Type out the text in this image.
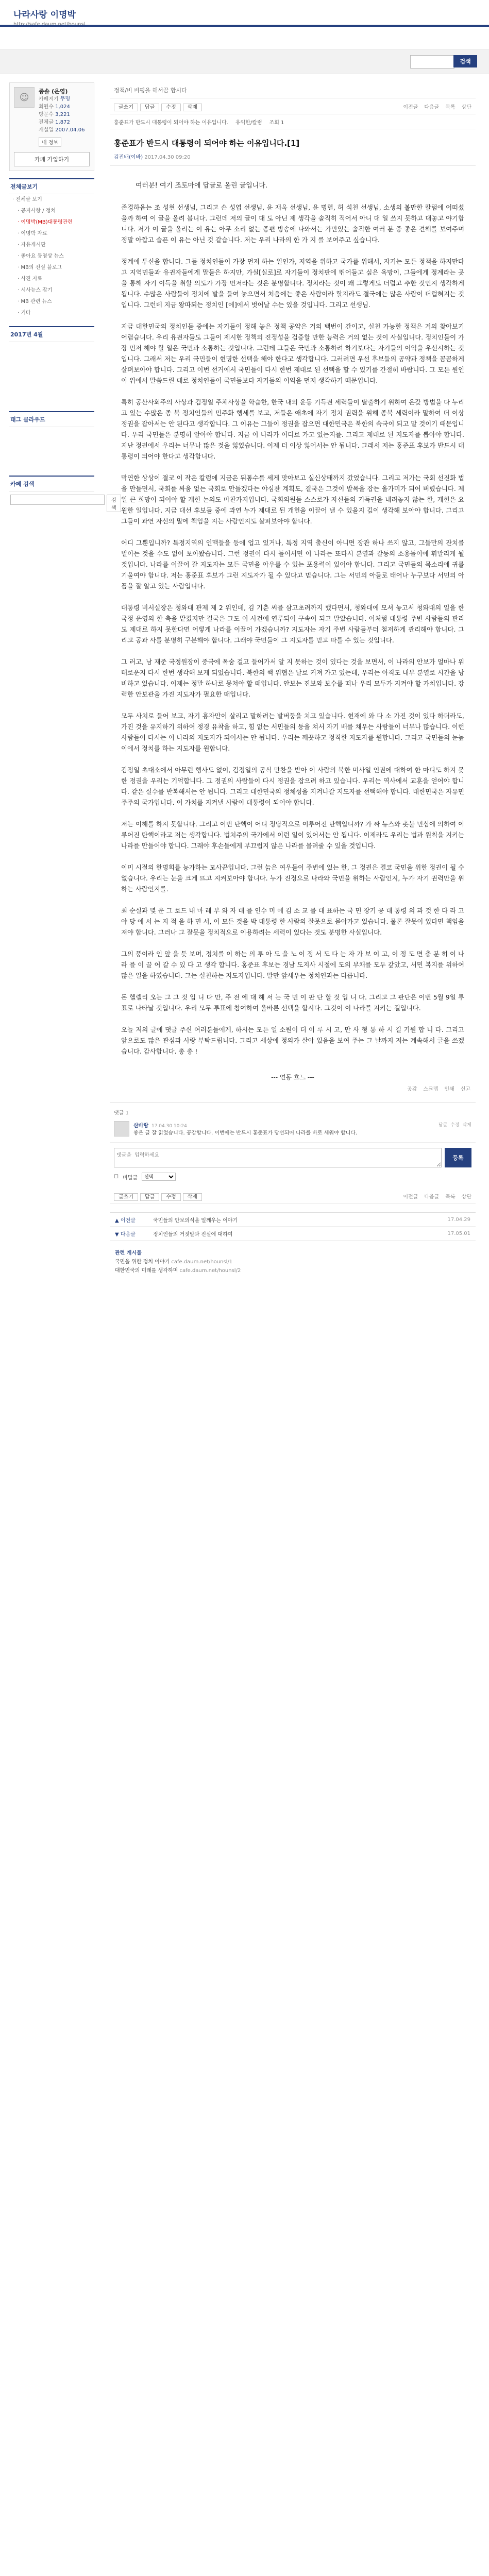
나라사랑 이명박
검색
☺
종솔 (운영)
카페지기 무명
회원수 1,024
방문수 3,221
전체글 1,872
개설일 2007.04.06
내 정보
카페 가입하기
전체글보기
· 전체글 보기
· 공지사항 / 정치
· 이명박(MB)대통령관련
· 이명박 자료
· 자유게시판
· 좋아요 동영상 뉴스
· MB의 진실 블로그
· 사진 자료
· 시사뉴스 잡기
· MB 관련 뉴스
· 기타
2017년 4월
태그 클라우드
카페 검색
검색
정책/비 비평을 해서끔 합시다
글쓰기 답글 수정 삭제	이전글 다음글 목록 상단
홍준표가 반드시 대통령이 되어야 하는 이유입니다. 유익한/칼럼 조회 1
홍준표가 반드시 대통령이 되어야 하는 이유입니다.[1]
김진배(이바) 2017.04.30 09:20

여러분! 여기 조토마에 답글로 올린 글입니다.

존경하옵는 조 성현 선생님, 그리고 손 성엽 선생님, 윤 재옥 선생님, 윤 명렬, 허 석천 선생님, 소생의 볼만한 칼럼에 어떠셨을까 하여 이 글을 올려 봅니다. 그런데 저의 글이 대 도 아닌 제 생각을 솔직히 적어서 아니 대 일 쓰지 못하고 대놓고 야기합니다. 저가 이 글을 올리는 이 유는 아무 소리 없는 종편 방송에 나와서는 가만있는 솔직한 여러 분 중 좋은 견해를 보여주며 정말 아깝고 슬픈 이 유는 아닌 것 같습니다. 저는 우리 나라의 한 가 지 를 보여주고 싶습니다.

정계에 투신을 합니다. 그들 정치인들이 가장 먼저 하는 일인가, 지역을 위하고 국가를 위해서, 자기는 모든 정책을 하지만다고 지역민들과 유권자들에게 말들은 하지만, 가실[실로]로 자기들이 정치판에 뛰어들고 싶은 욕망이, 그들에게 정계라는 곳을 통해 자기 이득을 취할 의도가 가장 먼저라는 것은 분명합니다. 정치라는 것이 왜 그렇게도 더럽고 추한 것인지 생각하게 됩니다. 수많은 사람들이 정치에 발을 들여 놓으면서 처음에는 좋은 사람이라 할지라도 결국에는 많은 사람이 더럽혀지는 것입니다. 그런데 지금 왕따되는 정치인 [에]에서 벗어날 수는 있을 것입니다. 그리고 선생님.

지금 대한민국의 정치인들 중에는 자기들이 정해 놓은 정책 공약은 거의 백번이 간이고, 실천 가능한 정책은 거의 찾아보기 어렵습니다. 우리 유권자들도 그들이 제시한 정책의 진정성을 검증할 만한 능력은 거의 없는 것이 사실입니다. 정치인들이 가장 먼저 해야 할 일은 국민과 소통하는 것입니다. 그런데 그들은 국민과 소통하려 하기보다는 자기들의 이익을 우선시하는 것입니다. 그래서 저는 우리 국민들이 현명한 선택을 해야 한다고 생각합니다. 그러려면 우선 후보들의 공약과 정책을 꼼꼼하게 살펴보아야 합니다. 그리고 이번 선거에서 국민들이 다시 한번 제대로 된 선택을 할 수 있기를 간절히 바랍니다. 그 모든 원인이 위에서 말씀드린 대로 정치인들이 국민들보다 자기들의 이익을 먼저 생각하기 때문입니다.

특히 공산사회주의 사상과 김정일 주체사상을 학습한, 한국 내의 운동 기득권 세력들이 탈출하기 위하여 온갖 방법을 다 누리고 있는 수많은 종 북 정치인들의 민주화 행세를 보고, 저들은 애초에 자기 정치 권력을 위해 종북 세력이라 말하여 더 이상 정권을 잡아서는 안 된다고 생각합니다. 그 이유는 그들이 정권을 잡으면 대한민국은 북한의 속국이 되고 말 것이기 때문입니다. 우리 국민들은 분명히 알아야 합니다. 지금 이 나라가 어디로 가고 있는지를. 그리고 제대로 된 지도자를 뽑아야 합니다. 지난 정권에서 우리는 너무나 많은 것을 잃었습니다. 이제 더 이상 잃어서는 안 됩니다. 그래서 저는 홍준표 후보가 반드시 대통령이 되어야 한다고 생각합니다.

막연한 상상이 결코 이 작은 칼럼에 지금은 뒤통수를 세게 맞아보고 실신상태까지 갔었습니다. 그리고 저가는 국회 선진화 법을 만들면서, 국회를 싸움 없는 국회로 만들겠다는 야심찬 계획도, 결국은 그것이 발목을 잡는 올가미가 되어 버렸습니다. 제일 큰 희망이 되어야 할 개헌 논의도 마찬가지입니다. 국회의원들 스스로가 자신들의 기득권을 내려놓지 않는 한, 개헌은 요원한 일입니다. 지금 대선 후보들 중에 과연 누가 제대로 된 개헌을 이끌어 낼 수 있을지 깊이 생각해 보아야 합니다. 그리고 그들이 과연 자신의 말에 책임을 지는 사람인지도 살펴보아야 합니다.

어디 그뿐입니까? 특정지역의 인맥들을 등에 업고 있거나, 특정 지역 출신이 아니면 장관 하나 쓰지 않고, 그들만의 잔치를 벌이는 것을 수도 없이 보아왔습니다. 그런 정권이 다시 들어서면 이 나라는 또다시 분열과 갈등의 소용돌이에 휘말리게 될 것입니다. 나라를 이끌어 갈 지도자는 모든 국민을 아우를 수 있는 포용력이 있어야 합니다. 그리고 국민들의 목소리에 귀를 기울여야 합니다. 저는 홍준표 후보가 그런 지도자가 될 수 있다고 믿습니다. 그는 서민의 아들로 태어나 누구보다 서민의 아픔을 잘 알고 있는 사람입니다.

대통령 비서실장은 청와대 관제 제 2 위인데, 김 기춘 씨를 삼고초려까지 했다면서, 청와대에 모셔 놓고서 청와대의 일을 한 국정 운영의 한 축을 맡겼지만 결국은 그도 이 사건에 연루되어 구속이 되고 말았습니다. 이처럼 대통령 주변 사람들의 관리도 제대로 하지 못한다면 어떻게 나라를 이끌어 가겠습니까? 지도자는 자기 주변 사람들부터 철저하게 관리해야 합니다. 그리고 공과 사를 분명히 구분해야 합니다. 그래야 국민들이 그 지도자를 믿고 따를 수 있는 것입니다.

그 러고, 남 재준 국정원장이 중국에 목숨 걸고 들어가서 알 지 못하는 것이 있다는 것을 보면서, 이 나라의 안보가 얼마나 위태로운지 다시 한번 생각해 보게 되었습니다. 북한의 핵 위협은 날로 커져 가고 있는데, 우리는 아직도 내부 분열로 시간을 낭비하고 있습니다. 이제는 정말 하나로 뭉쳐야 할 때입니다. 안보는 진보와 보수를 떠나 우리 모두가 지켜야 할 가치입니다. 강력한 안보관을 가진 지도자가 필요한 때입니다.

모두 사치로 들어 보고, 자기 흥자만이 살리고 말하려는 발버둥을 치고 있습니다. 현재에 와 다 소 가진 것이 있다 하더라도, 가진 것을 유지하기 위하여 정경 유착을 하고, 힘 없는 서민들의 등을 쳐서 자기 배를 채우는 사람들이 너무나 많습니다. 이런 사람들이 다시는 이 나라의 지도자가 되어서는 안 됩니다. 우리는 깨끗하고 정직한 지도자를 원합니다. 그리고 국민들의 눈높이에서 정치를 하는 지도자를 원합니다.

김정일 초대소에서 아무런 행사도 없이, 김정일의 공식 만찬을 받아 이 사람의 북한 미사일 인권에 대하여 한 마디도 하지 못한 정권을 우리는 기억합니다. 그 정권의 사람들이 다시 정권을 잡으려 하고 있습니다. 우리는 역사에서 교훈을 얻어야 합니다. 같은 실수를 반복해서는 안 됩니다. 그리고 대한민국의 정체성을 지켜나갈 지도자를 선택해야 합니다. 대한민국은 자유민주주의 국가입니다. 이 가치를 지켜낼 사람이 대통령이 되어야 합니다.

저는 이해를 하지 못합니다. 그리고 이번 탄핵이 어디 정당적으로 이루어진 탄핵입니까? 가 짜 뉴스와 촛불 민심에 의하여 이루어진 탄핵이라고 저는 생각합니다. 법치주의 국가에서 이런 일이 있어서는 안 됩니다. 이제라도 우리는 법과 원칙을 지키는 나라를 만들어야 합니다. 그래야 후손들에게 부끄럽지 않은 나라를 물려줄 수 있을 것입니다.

이미 시절의 한명회를 능가하는 모사꾼입니다. 그런 늙은 여우들이 주변에 있는 한, 그 정권은 결코 국민을 위한 정권이 될 수 없습니다. 우리는 눈을 크게 뜨고 지켜보아야 합니다. 누가 진정으로 나라와 국민을 위하는 사람인지, 누가 자기 권력만을 위하는 사람인지를.

최 순실과 몇 운 그 로드 내 마 레 부 와 자 대 를 인수 미 에 김 소 교 를 대 표하는 국 민 장기 공 대 통령 의 과 것 한 다 라 고 야 당 에 서 는 지 적 을 하 면 서, 이 모든 것을 박 대통령 한 사람의 잘못으로 몰아가고 있습니다. 물론 잘못이 있다면 책임을 져야 합니다. 그러나 그 잘못을 정치적으로 이용하려는 세력이 있다는 것도 분명한 사실입니다.

그의 풍이라 인 앞 을 듯 보며, 정치를 이 하는 의 투 아 도 을 노 이 정 서 도 다 는 자 가 보 이 고, 이 정 도 면 충 분 히 이 나라 를 이 끌 어 갈 수 있 다 고 생각 합니다. 홍준표 후보는 경남 도지사 시절에 도의 부채를 모두 갚았고, 서민 복지를 위하여 많은 일을 하였습니다. 그는 실천하는 지도자입니다. 말만 앞세우는 정치인과는 다릅니다.

돈 헬렐리 오는 그 그 것 입 니 다 만, 주 전 에 대 해 서 는 국 민 이 판 단 할 것 입 니 다. 그리고 그 판단은 이번 5월 9일 투표로 나타날 것입니다. 우리 모두 투표에 참여하여 올바른 선택을 합시다. 그것이 이 나라를 지키는 길입니다.

오늘 저의 글에 댓글 주신 여러분들에게, 하시는 모든 일 소원이 더 이 루 시 고, 만 사 형 통 하 시 길 기원 합 니 다. 그리고 앞으로도 많은 관심과 사랑 부탁드립니다. 그리고 세상에 정의가 살아 있음을 보여 주는 그 날까지 저는 계속해서 글을 쓰겠습니다. 감사합니다. 총 총 !

--- 연동 흐느 ---
공감 스크랩 인쇄 신고
댓글 1
산바람 17.04.30 10:24
좋은 글 잘 읽었습니다. 공감합니다. 이번에는 반드시 홍준표가 당선되어 나라를 바로 세워야 합니다.
답글 수정 삭제
댓글을 입력하세요
등록
☐ 비밀글
선택
글쓰기 답글 수정 삭제	이전글 다음글 목록 상단
▲ 이전글	국민들의 안보의식을 일깨우는 이야기	17.04.29
▼ 다음글	정치인들의 거짓말과 진실에 대하여	17.05.01
관련 게시물
국민을 위한 정치 이야기 cafe.daum.net/hounsl/1
대한민국의 미래를 생각하며 cafe.daum.net/hounsl/2
